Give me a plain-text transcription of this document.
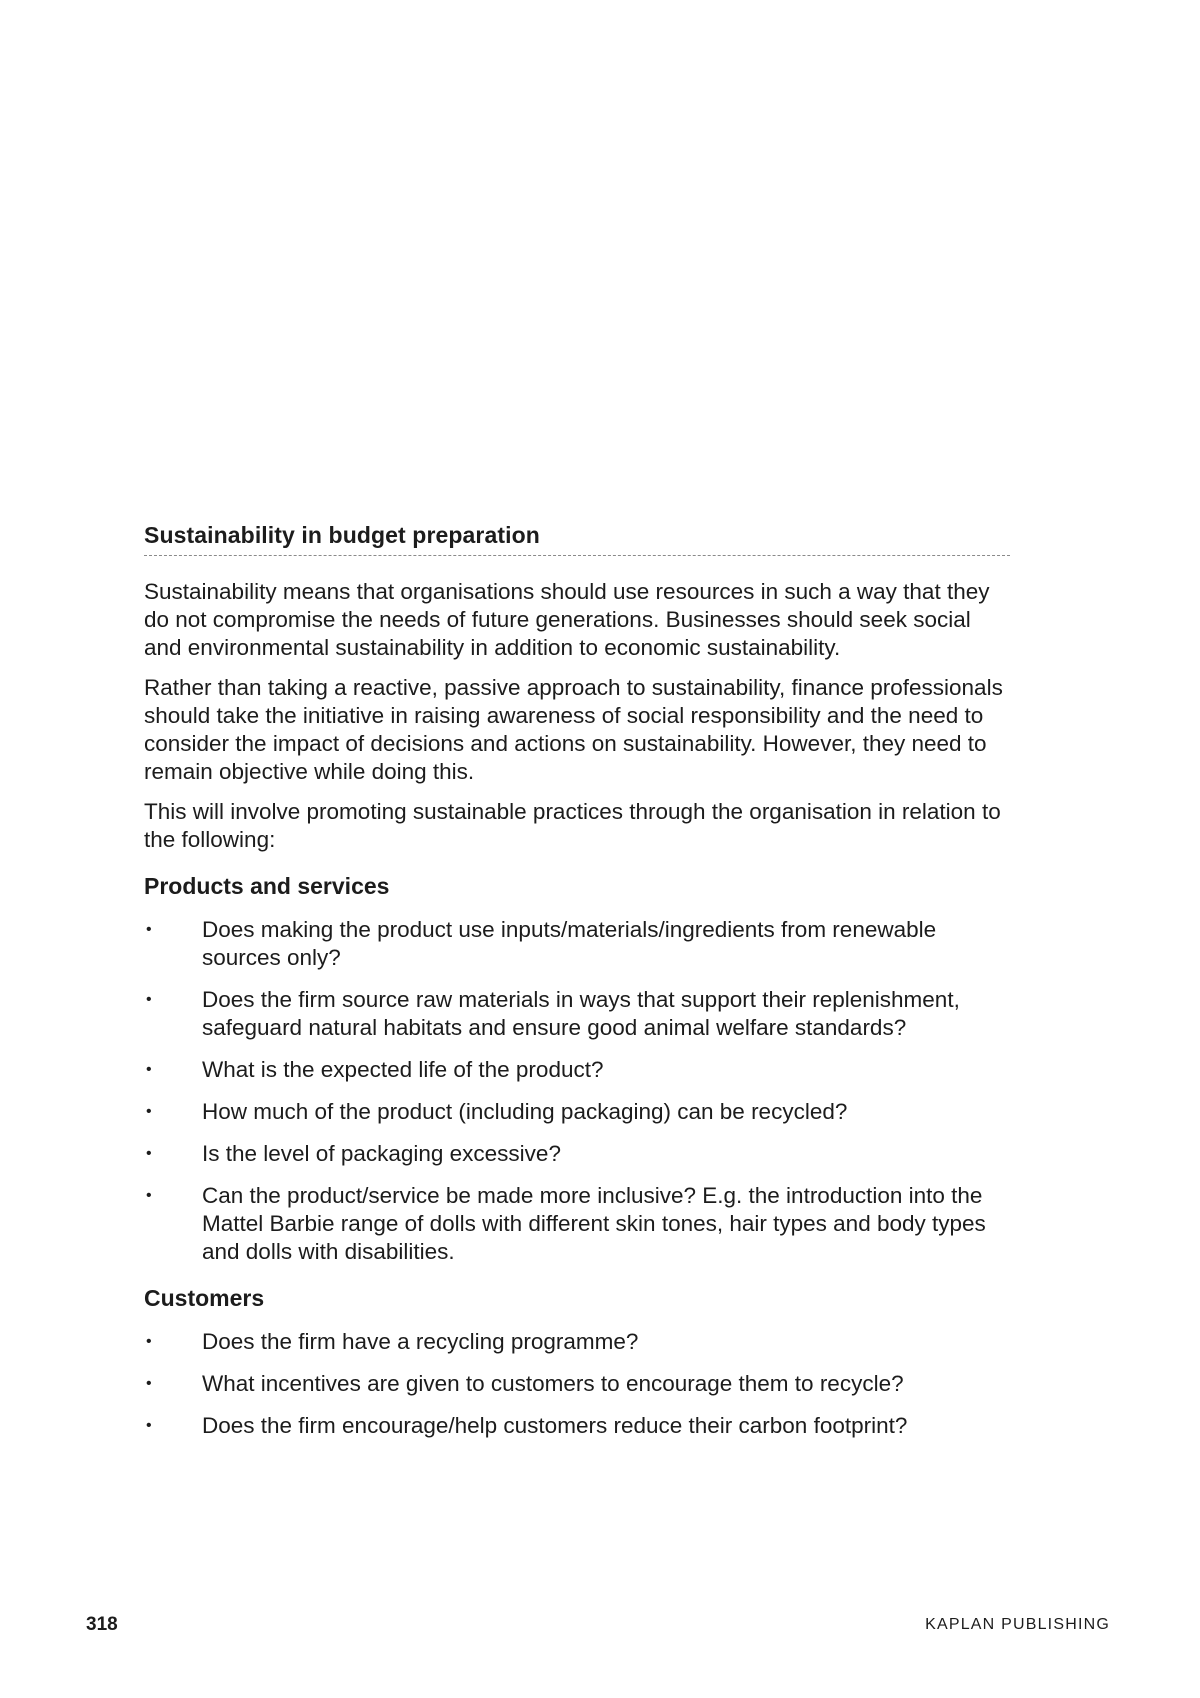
Sustainability in budget preparation

Sustainability means that organisations should use resources in such a way that they do not compromise the needs of future generations. Businesses should seek social and environmental sustainability in addition to economic sustainability.

Rather than taking a reactive, passive approach to sustainability, finance professionals should take the initiative in raising awareness of social responsibility and the need to consider the impact of decisions and actions on sustainability. However, they need to remain objective while doing this.

This will involve promoting sustainable practices through the organisation in relation to the following:

Products and services
•	Does making the product use inputs/materials/ingredients from renewable sources only?
•	Does the firm source raw materials in ways that support their replenishment, safeguard natural habitats and ensure good animal welfare standards?
•	What is the expected life of the product?
•	How much of the product (including packaging) can be recycled?
•	Is the level of packaging excessive?
•	Can the product/service be made more inclusive? E.g. the introduction into the Mattel Barbie range of dolls with different skin tones, hair types and body types and dolls with disabilities.
Customers
•	Does the firm have a recycling programme?
•	What incentives are given to customers to encourage them to recycle?
•	Does the firm encourage/help customers reduce their carbon footprint?
318	KAPLAN PUBLISHING
